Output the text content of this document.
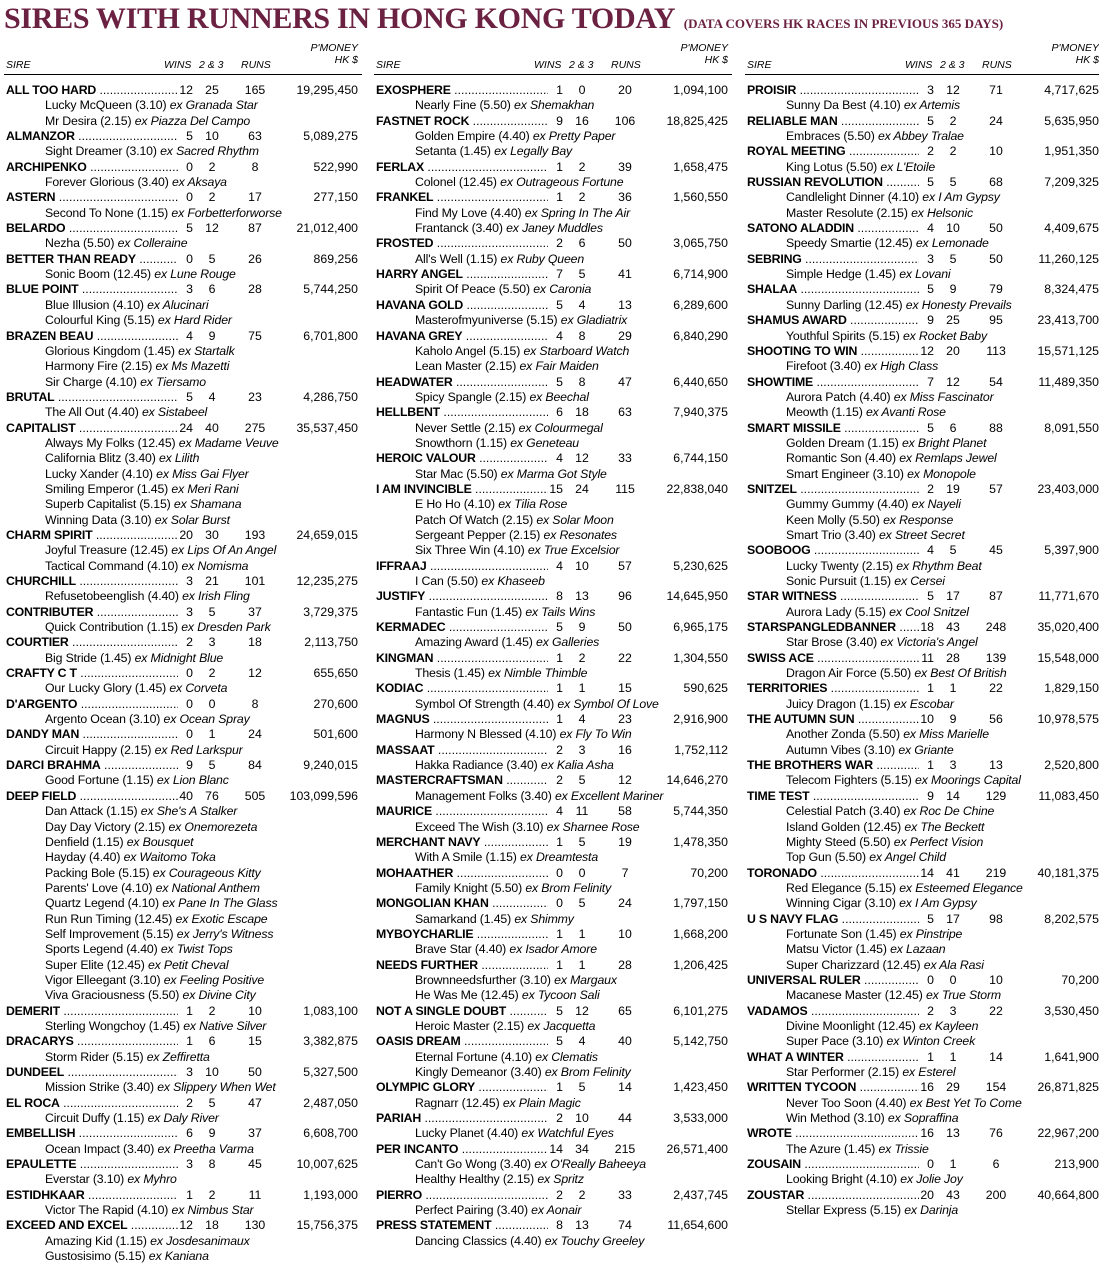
SIRES WITH RUNNERS IN HONG KONG TODAY (DATA COVERS HK RACES IN PREVIOUS 365 DAYS)
SIRE	WINS 2 & 3 RUNS
P'MONEY
HK $
ALL TOO HARD .....	12 25	165	19,295,450
Lucky McQueen (3.10) ex Granada Star
Mr Desira (2.15) ex Piazza Del Campo
ALMANZOR .....	5 10	63	5,089,275
Sight Dreamer (3.10) ex Sacred Rhythm
ARCHIPENKO .....	0	2	8	522,990
Forever Glorious (3.40) ex Aksaya
ASTERN .....	0	2	17	277,150
Second To None (1.15) ex Forbetterforworse
BELARDO .....	5 12	87	21,012,400
Nezha (5.50) ex Colleraine
BETTER THAN READY .....	0	5	26	869,256
Sonic Boom (12.45) ex Lune Rouge
BLUE POINT .....	3	6	28	5,744,250
Blue Illusion (4.10) ex Alucinari
Colourful King (5.15) ex Hard Rider
BRAZEN BEAU .....	4	9	75	6,701,800
Glorious Kingdom (1.45) ex Startalk
Harmony Fire (2.15) ex Ms Mazetti
Sir Charge (4.10) ex Tiersamo
BRUTAL .....	5	4	23	4,286,750
The All Out (4.40) ex Sistabeel
CAPITALIST .....	24 40	275	35,537,450
Always My Folks (12.45) ex Madame Veuve
California Blitz (3.40) ex Lilith
Lucky Xander (4.10) ex Miss Gai Flyer
Smiling Emperor (1.45) ex Meri Rani
Superb Capitalist (5.15) ex Shamana
Winning Data (3.10) ex Solar Burst
CHARM SPIRIT .....	20 30	193	24,659,015
Joyful Treasure (12.45) ex Lips Of An Angel
Tactical Command (4.10) ex Nomisma
CHURCHILL .....	3 21	101	12,235,275
Refusetobeenglish (4.40) ex Irish Fling
CONTRIBUTER .....	3	5	37	3,729,375
Quick Contribution (1.15) ex Dresden Park
COURTIER .....	2	3	18	2,113,750
Big Stride (1.45) ex Midnight Blue
CRAFTY C T .....	0	2	12	655,650
Our Lucky Glory (1.45) ex Corveta
D'ARGENTO .....	0	0	8	270,600
Argento Ocean (3.10) ex Ocean Spray
DANDY MAN .....	0	1	24	501,600
Circuit Happy (2.15) ex Red Larkspur
DARCI BRAHMA .....	9	5	84	9,240,015
Good Fortune (1.15) ex Lion Blanc
DEEP FIELD .....	40 76	505	103,099,596
Dan Attack (1.15) ex She's A Stalker
Day Day Victory (2.15) ex Onemorezeta
Denfield (1.15) ex Bousquet
Hayday (4.40) ex Waitomo Toka
Packing Bole (5.15) ex Courageous Kitty
Parents' Love (4.10) ex National Anthem
Quartz Legend (4.10) ex Pane In The Glass
Run Run Timing (12.45) ex Exotic Escape
Self Improvement (5.15) ex Jerry's Witness
Sports Legend (4.40) ex Twist Tops
Super Elite (12.45) ex Petit Cheval
Vigor Elleegant (3.10) ex Feeling Positive
Viva Graciousness (5.50) ex Divine City
DEMERIT .....	1	2	10	1,083,100
Sterling Wongchoy (1.45) ex Native Silver
DRACARYS .....	1	6	15	3,382,875
Storm Rider (5.15) ex Zeffiretta
DUNDEEL .....	3 10	50	5,327,500
Mission Strike (3.40) ex Slippery When Wet
EL ROCA .....	2	5	47	2,487,050
Circuit Duffy (1.15) ex Daly River
EMBELLISH .....	6	9	37	6,608,700
Ocean Impact (3.40) ex Preetha Varma
EPAULETTE .....	3	8	45	10,007,625
Everstar (3.10) ex Myhro
ESTIDHKAAR .....	1	2	11	1,193,000
Victor The Rapid (4.10) ex Nimbus Star
EXCEED AND EXCEL .....	12 18	130	15,756,375
Amazing Kid (1.15) ex Josdesanimaux
Gustosisimo (5.15) ex Kaniana
SIRE	WINS 2 & 3 RUNS
P'MONEY
HK $
EXOSPHERE .....	1	0	20	1,094,100
Nearly Fine (5.50) ex Shemakhan
FASTNET ROCK .....	9 16	106	18,825,425
Golden Empire (4.40) ex Pretty Paper
Setanta (1.45) ex Legally Bay
FERLAX .....	1	2	39	1,658,475
Colonel (12.45) ex Outrageous Fortune
FRANKEL .....	1	2	36	1,560,550
Find My Love (4.40) ex Spring In The Air
Frantanck (3.40) ex Janey Muddles
FROSTED .....	2	6	50	3,065,750
All's Well (1.15) ex Ruby Queen
HARRY ANGEL .....	7	5	41	6,714,900
Spirit Of Peace (5.50) ex Caronia
HAVANA GOLD .....	5	4	13	6,289,600
Masterofmyuniverse (5.15) ex Gladiatrix
HAVANA GREY .....	4	8	29	6,840,290
Kaholo Angel (5.15) ex Starboard Watch
Lean Master (2.15) ex Fair Maiden
HEADWATER .....	5	8	47	6,440,650
Spicy Spangle (2.15) ex Beechal
HELLBENT .....	6 18	63	7,940,375
Never Settle (2.15) ex Colourmegal
Snowthorn (1.15) ex Geneteau
HEROIC VALOUR .....	4 12	33	6,744,150
Star Mac (5.50) ex Marma Got Style
I AM INVINCIBLE .....	15 24	115	22,838,040
E Ho Ho (4.10) ex Tilia Rose
Patch Of Watch (2.15) ex Solar Moon
Sergeant Pepper (2.15) ex Resonates
Six Three Win (4.10) ex True Excelsior
IFFRAAJ .....	4 10	57	5,230,625
I Can (5.50) ex Khaseeb
JUSTIFY .....	8 13	96	14,645,950
Fantastic Fun (1.45) ex Tails Wins
KERMADEC .....	5	9	50	6,965,175
Amazing Award (1.45) ex Galleries
KINGMAN .....	1	2	22	1,304,550
Thesis (1.45) ex Nimble Thimble
KODIAC .....	1	1	15	590,625
Symbol Of Strength (4.40) ex Symbol Of Love
MAGNUS .....	1	4	23	2,916,900
Harmony N Blessed (4.10) ex Fly To Win
MASSAAT .....	2	3	16	1,752,112
Hakka Radiance (3.40) ex Kalia Asha
MASTERCRAFTSMAN .....	2	5	12	14,646,270
Management Folks (3.40) ex Excellent Mariner
MAURICE .....	4	11	58	5,744,350
Exceed The Wish (3.10) ex Sharnee Rose
MERCHANT NAVY .....	1	5	19	1,478,350
With A Smile (1.15) ex Dreamtesta
MOHAATHER .....	0	0	7	70,200
Family Knight (5.50) ex Brom Felinity
MONGOLIAN KHAN .....	0	5	24	1,797,150
Samarkand (1.45) ex Shimmy
MYBOYCHARLIE .....	1	1	10	1,668,200
Brave Star (4.40) ex Isador Amore
NEEDS FURTHER .....	1	1	28	1,206,425
Brownneedsfurther (3.10) ex Margaux
He Was Me (12.45) ex Tycoon Sali
NOT A SINGLE DOUBT .....	5 12	65	6,101,275
Heroic Master (2.15) ex Jacquetta
OASIS DREAM .....	5	4	40	5,142,750
Eternal Fortune (4.10) ex Clematis
Kingly Demeanor (3.40) ex Brom Felinity
OLYMPIC GLORY .....	1	5	14	1,423,450
Ragnarr (12.45) ex Plain Magic
PARIAH .....	2 10	44	3,533,000
Lucky Planet (4.40) ex Watchful Eyes
PER INCANTO .....	14 34	215	26,571,400
Can't Go Wong (3.40) ex O'Really Baheeya
Healthy Healthy (2.15) ex Spritz
PIERRO .....	2	2	33	2,437,745
Perfect Pairing (3.40) ex Aonair
PRESS STATEMENT .....	8 13	74	11,654,600
Dancing Classics (4.40) ex Touchy Greeley
SIRE	WINS 2 & 3 RUNS
P'MONEY
HK $
PROISIR .....	3 12	71	4,717,625
Sunny Da Best (4.10) ex Artemis
RELIABLE MAN .....	5	2	24	5,635,950
Embraces (5.50) ex Abbey Tralae
ROYAL MEETING .....	2	2	10	1,951,350
King Lotus (5.50) ex L'Etoile
RUSSIAN REVOLUTION .....	5	5	68	7,209,325
Candlelight Dinner (4.10) ex I Am Gypsy
Master Resolute (2.15) ex Helsonic
SATONO ALADDIN .....	4 10	50	4,409,675
Speedy Smartie (12.45) ex Lemonade
SEBRING .....	3	5	50	11,260,125
Simple Hedge (1.45) ex Lovani
SHALAA .....	5	9	79	8,324,475
Sunny Darling (12.45) ex Honesty Prevails
SHAMUS AWARD .....	9 25	95	23,413,700
Youthful Spirits (5.15) ex Rocket Baby
SHOOTING TO WIN .....	12 20	113	15,571,125
Firefoot (3.40) ex High Class
SHOWTIME .....	7 12	54	11,489,350
Aurora Patch (4.40) ex Miss Fascinator
Meowth (1.15) ex Avanti Rose
SMART MISSILE .....	5	6	88	8,091,550
Golden Dream (1.15) ex Bright Planet
Romantic Son (4.40) ex Remlaps Jewel
Smart Engineer (3.10) ex Monopole
SNITZEL .....	2 19	57	23,403,000
Gummy Gummy (4.40) ex Nayeli
Keen Molly (5.50) ex Response
Smart Trio (3.40) ex Street Secret
SOOBOOG .....	4	5	45	5,397,900
Lucky Twenty (2.15) ex Rhythm Beat
Sonic Pursuit (1.15) ex Cersei
STAR WITNESS .....	5 17	87	11,771,670
Aurora Lady (5.15) ex Cool Snitzel
STARSPANGLEDBANNER .....	18 43	248	35,020,400
Star Brose (3.40) ex Victoria's Angel
SWISS ACE .....	11 28	139	15,548,000
Dragon Air Force (5.50) ex Best Of British
TERRITORIES .....	1	1	22	1,829,150
Juicy Dragon (1.15) ex Escobar
THE AUTUMN SUN .....	10	9	56	10,978,575
Another Zonda (5.50) ex Miss Marielle
Autumn Vibes (3.10) ex Griante
THE BROTHERS WAR .....	1	3	13	2,520,800
Telecom Fighters (5.15) ex Moorings Capital
TIME TEST .....	9 14	129	11,083,450
Celestial Patch (3.40) ex Roc De Chine
Island Golden (12.45) ex The Beckett
Mighty Steed (5.50) ex Perfect Vision
Top Gun (5.50) ex Angel Child
TORONADO .....	14 41	219	40,181,375
Red Elegance (5.15) ex Esteemed Elegance
Winning Cigar (3.10) ex I Am Gypsy
U S NAVY FLAG .....	5 17	98	8,202,575
Fortunate Son (1.45) ex Pinstripe
Matsu Victor (1.45) ex Lazaan
Super Charizzard (12.45) ex Ala Rasi
UNIVERSAL RULER .....	0	0	10	70,200
Macanese Master (12.45) ex True Storm
VADAMOS .....	2	3	22	3,530,450
Divine Moonlight (12.45) ex Kayleen
Super Pace (3.10) ex Winton Creek
WHAT A WINTER .....	1	1	14	1,641,900
Star Performer (2.15) ex Esterel
WRITTEN TYCOON .....	16 29	154	26,871,825
Never Too Soon (4.40) ex Best Yet To Come
Win Method (3.10) ex Sopraffina
WROTE .....	16 13	76	22,967,200
The Azure (1.45) ex Trissie
ZOUSAIN .....	0	1	6	213,900
Looking Bright (4.10) ex Jolie Joy
ZOUSTAR .....	20 43	200	40,664,800
Stellar Express (5.15) ex Darinja
